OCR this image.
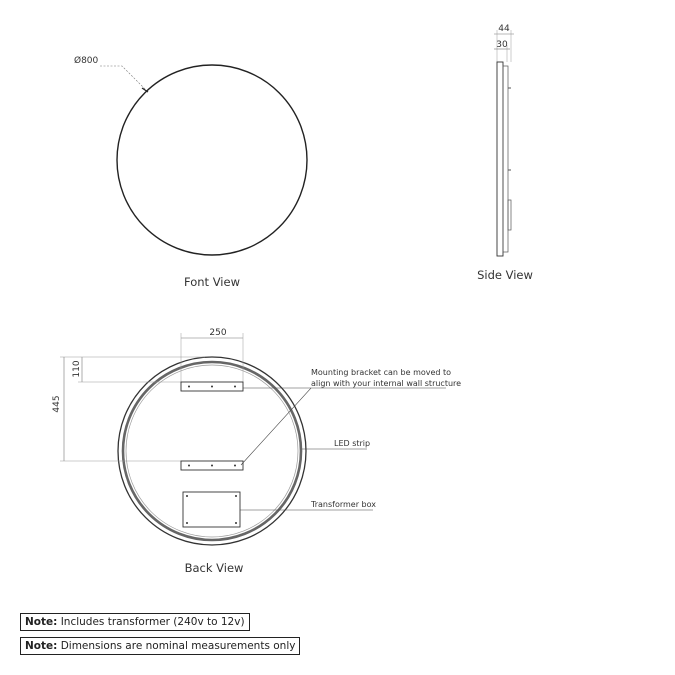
Ø800
Font View
44
30
Side View
250
110
445
Mounting bracket can be moved to
align with your internal wall structure
LED strip
Transformer box
Back View
Note: Includes transformer (240v to 12v)
Note: Dimensions are nominal measurements only
